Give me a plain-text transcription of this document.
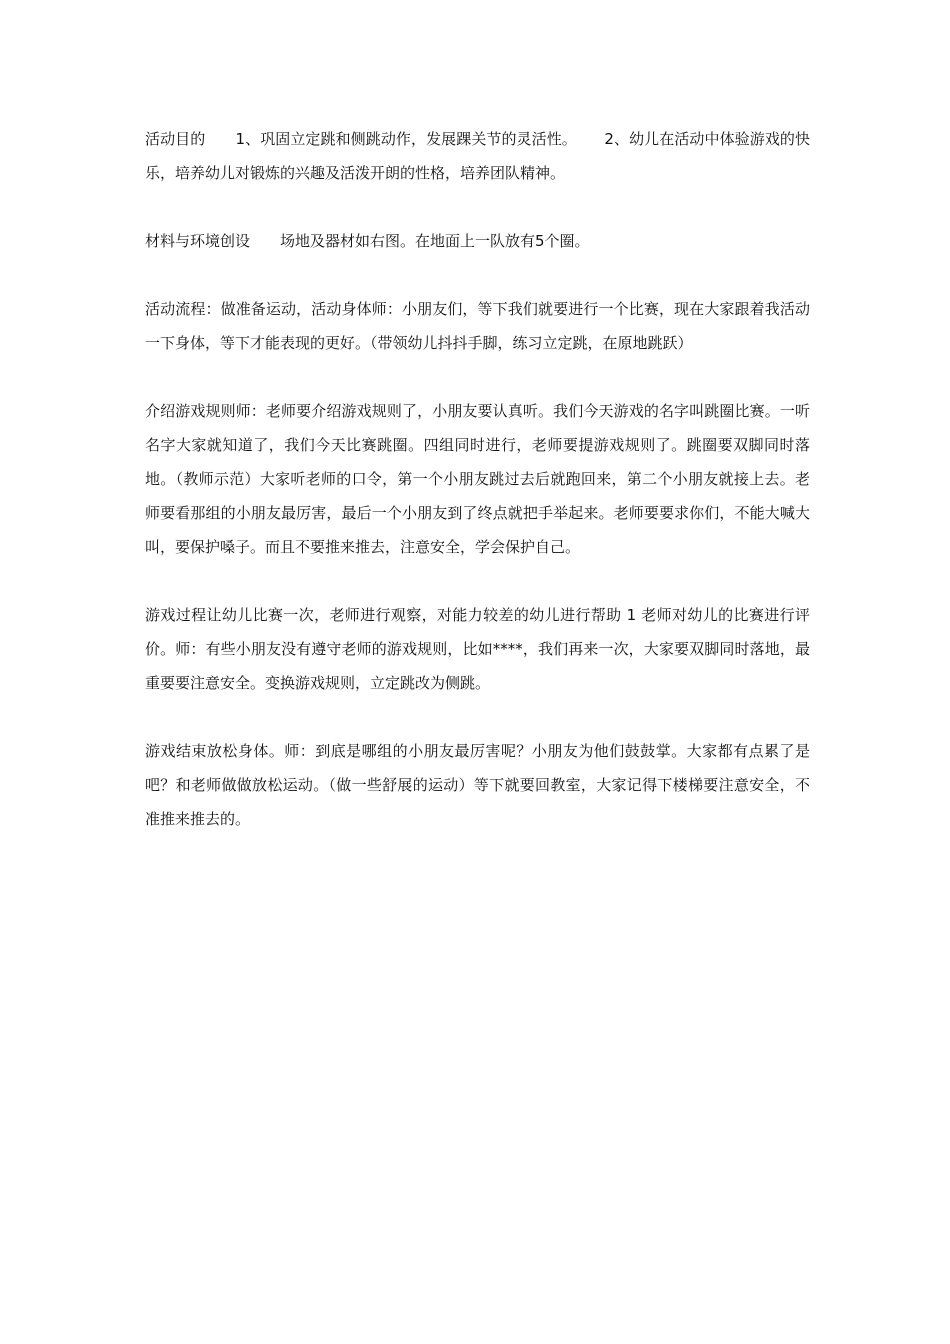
活动目的　　1、巩固立定跳和侧跳动作，发展踝关节的灵活性。　　 2、幼儿在活动中体验游戏的快乐，培养幼儿对锻炼的兴趣及活泼开朗的性格，培养团队精神。

材料与环境创设　　场地及器材如右图。在地面上一队放有5个圈。

活动流程：做准备运动，活动身体师：小朋友们，等下我们就要进行一个比赛，现在大家跟着我活动一下身体，等下才能表现的更好。（带领幼儿抖抖手脚，练习立定跳，在原地跳跃）

介绍游戏规则师：老师要介绍游戏规则了，小朋友要认真听。我们今天游戏的名字叫跳圈比赛。一听名字大家就知道了，我们今天比赛跳圈。四组同时进行，老师要提游戏规则了。跳圈要双脚同时落地。（教师示范）大家听老师的口令，第一个小朋友跳过去后就跑回来，第二个小朋友就接上去。老师要看那组的小朋友最厉害，最后一个小朋友到了终点就把手举起来。老师要要求你们，不能大喊大叫，要保护嗓子。而且不要推来推去，注意安全，学会保护自己。

游戏过程让幼儿比赛一次，老师进行观察，对能力较差的幼儿进行帮助 1 老师对幼儿的比赛进行评价。师：有些小朋友没有遵守老师的游戏规则，比如****，我们再来一次，大家要双脚同时落地，最重要要注意安全。变换游戏规则，立定跳改为侧跳。

游戏结束放松身体。师：到底是哪组的小朋友最厉害呢？小朋友为他们鼓鼓掌。大家都有点累了是吧？和老师做做放松运动。（做一些舒展的运动）等下就要回教室，大家记得下楼梯要注意安全，不准推来推去的。
